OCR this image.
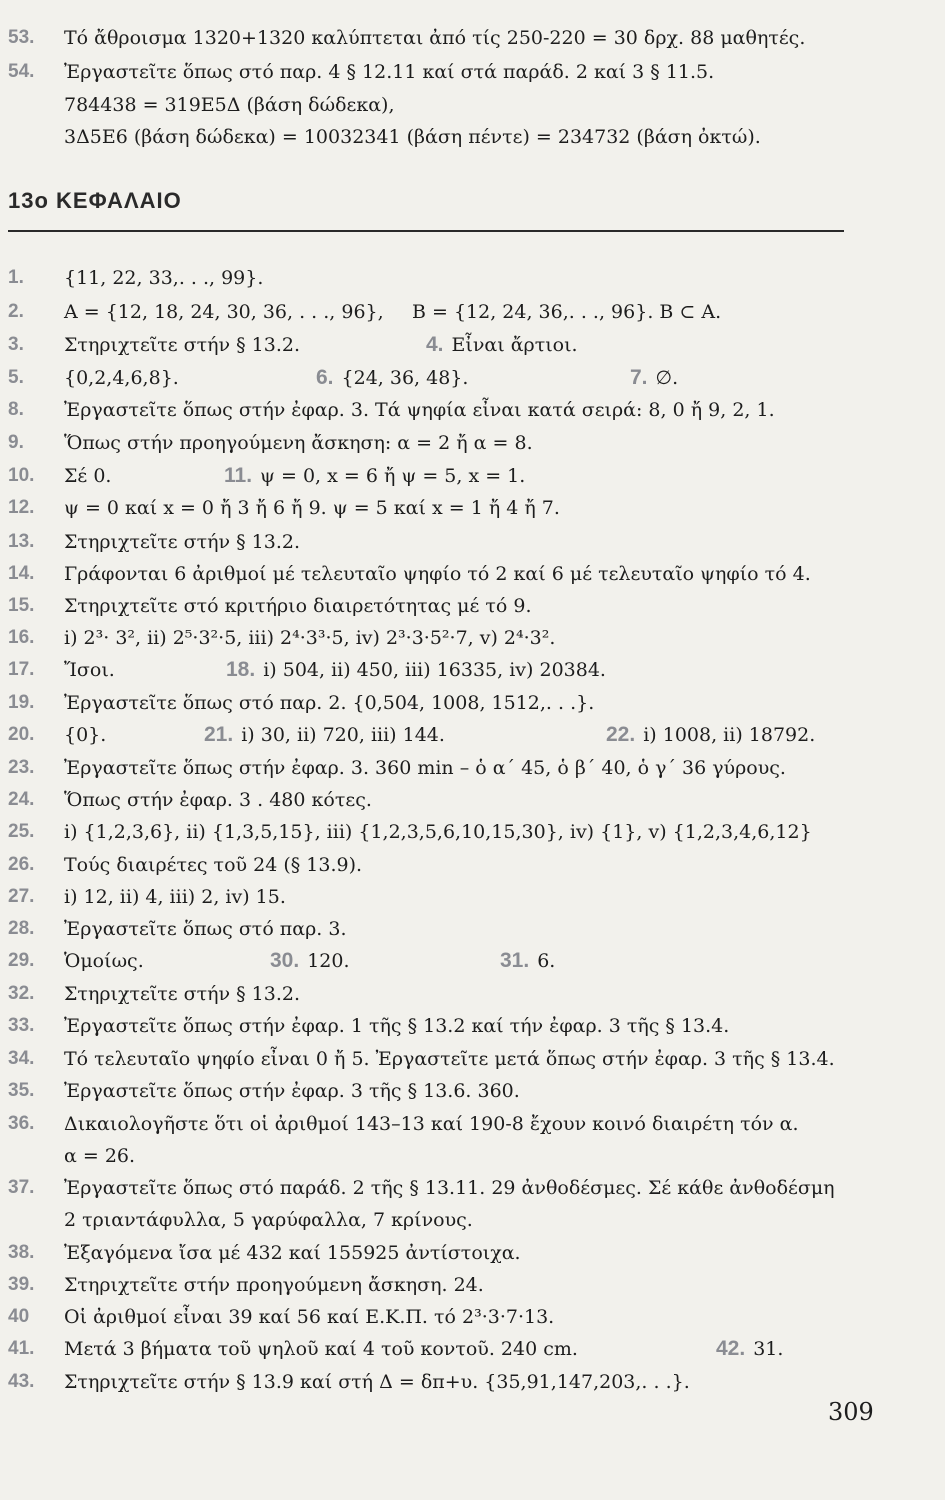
53. Τό ἄθροισμα 1320+1320 καλύπτεται ἀπό τίς 250-220 = 30 δρχ. 88 μαθητές.
54. Ἐργαστεῖτε ὅπως στό παρ. 4 § 12.11 καί στά παράδ. 2 καί 3 § 11.5.
784438 = 319Ε5Δ (βάση δώδεκα),
3Δ5Ε6 (βάση δώδεκα) = 10032341 (βάση πέντε) = 234732 (βάση ὀκτώ).
13ο ΚΕΦΑΛΑΙΟ
1. {11, 22, 33,. . ., 99}.
2. A = {12, 18, 24, 30, 36, . . ., 96}, B = {12, 24, 36,. . ., 96}. B ⊂ A.
3. Στηριχτεῖτε στήν § 13.2.	4. Εἶναι ἄρτιοι.
5. {0,2,4,6,8}.	6. {24, 36, 48}.	7. ∅.
8. Ἐργαστεῖτε ὅπως στήν ἐφαρ. 3. Τά ψηφία εἶναι κατά σειρά: 8, 0 ἤ 9, 2, 1.
9. Ὅπως στήν προηγούμενη ἄσκηση: α = 2 ἤ α = 8.
10. Σέ 0.	11. ψ = 0, x = 6 ἤ ψ = 5, x = 1.
12. ψ = 0 καί x = 0 ἤ 3 ἤ 6 ἤ 9. ψ = 5 καί x = 1 ἤ 4 ἤ 7.
13. Στηριχτεῖτε στήν § 13.2.
14. Γράφονται 6 ἀριθμοί μέ τελευταῖο ψηφίο τό 2 καί 6 μέ τελευταῖο ψηφίο τό 4.
15. Στηριχτεῖτε στό κριτήριο διαιρετότητας μέ τό 9.
16. i) 2³· 3², ii) 2⁵·3²·5, iii) 2⁴·3³·5, iv) 2³·3·5²·7, v) 2⁴·3².
17. Ἴσοι.	18. i) 504, ii) 450, iii) 16335, iv) 20384.
19. Ἐργαστεῖτε ὅπως στό παρ. 2. {0,504, 1008, 1512,. . .}.
20. {0}.	21. i) 30, ii) 720, iii) 144.	22. i) 1008, ii) 18792.
23. Ἐργαστεῖτε ὅπως στήν ἐφαρ. 3. 360 min – ὁ α΄ 45, ὁ β΄ 40, ὁ γ΄ 36 γύρους.
24. Ὅπως στήν ἐφαρ. 3 . 480 κότες.
25. i) {1,2,3,6}, ii) {1,3,5,15}, iii) {1,2,3,5,6,10,15,30}, iv) {1}, v) {1,2,3,4,6,12}
26. Τούς διαιρέτες τοῦ 24 (§ 13.9).
27. i) 12, ii) 4, iii) 2, iv) 15.
28. Ἐργαστεῖτε ὅπως στό παρ. 3.
29. Ὁμοίως.	30. 120.	31. 6.
32. Στηριχτεῖτε στήν § 13.2.
33. Ἐργαστεῖτε ὅπως στήν ἐφαρ. 1 τῆς § 13.2 καί τήν ἐφαρ. 3 τῆς § 13.4.
34. Τό τελευταῖο ψηφίο εἶναι 0 ἤ 5. Ἐργαστεῖτε μετά ὅπως στήν ἐφαρ. 3 τῆς § 13.4.
35. Ἐργαστεῖτε ὅπως στήν ἐφαρ. 3 τῆς § 13.6. 360.
36. Δικαιολογῆστε ὅτι οἱ ἀριθμοί 143–13 καί 190-8 ἔχουν κοινό διαιρέτη τόν α.
α = 26.
37. Ἐργαστεῖτε ὅπως στό παράδ. 2 τῆς § 13.11. 29 ἀνθοδέσμες. Σέ κάθε ἀνθοδέσμη
2 τριαντάφυλλα, 5 γαρύφαλλα, 7 κρίνους.
38. Ἐξαγόμενα ἴσα μέ 432 καί 155925 ἀντίστοιχα.
39. Στηριχτεῖτε στήν προηγούμενη ἄσκηση. 24.
40 Οἱ ἀριθμοί εἶναι 39 καί 56 καί Ε.Κ.Π. τό 2³·3·7·13.
41. Μετά 3 βήματα τοῦ ψηλοῦ καί 4 τοῦ κοντοῦ. 240 cm.	42. 31.
43. Στηριχτεῖτε στήν § 13.9 καί στή Δ = δπ+υ. {35,91,147,203,. . .}.
309
